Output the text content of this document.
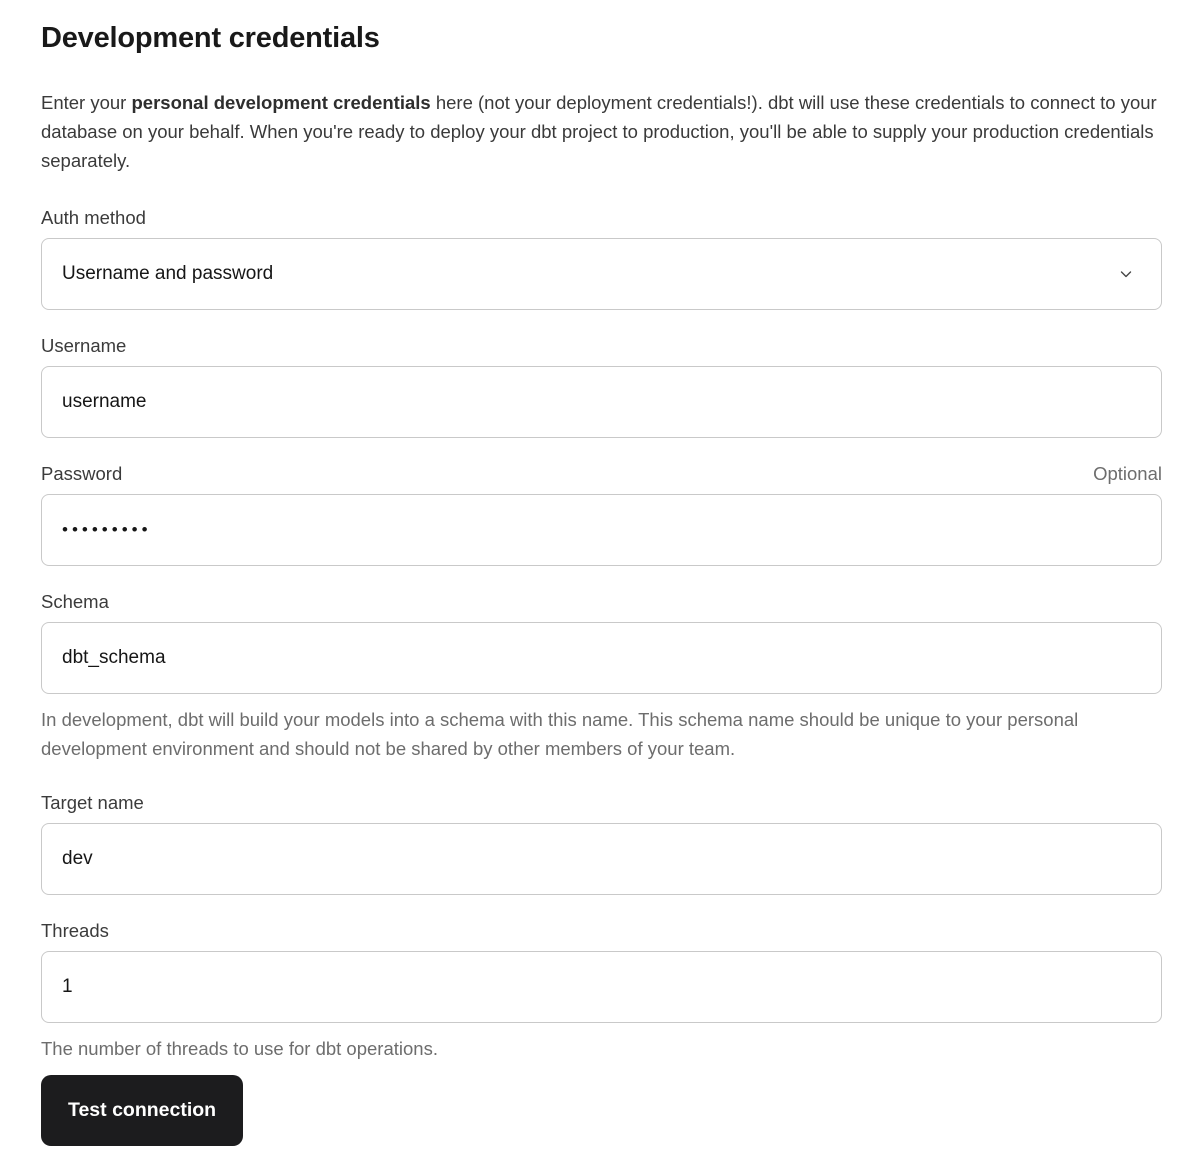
Development credentials

Enter your personal development credentials here (not your deployment credentials!). dbt will use these credentials to connect to your database on your behalf. When you're ready to deploy your dbt project to production, you'll be able to supply your production credentials separately.

Auth method
Username and password
Username
username
Password	Optional
•••••••••
Schema
dbt_schema
In development, dbt will build your models into a schema with this name. This schema name should be unique to your personal development environment and should not be shared by other members of your team.
Target name
dev
Threads
1
The number of threads to use for dbt operations.
Test connection
